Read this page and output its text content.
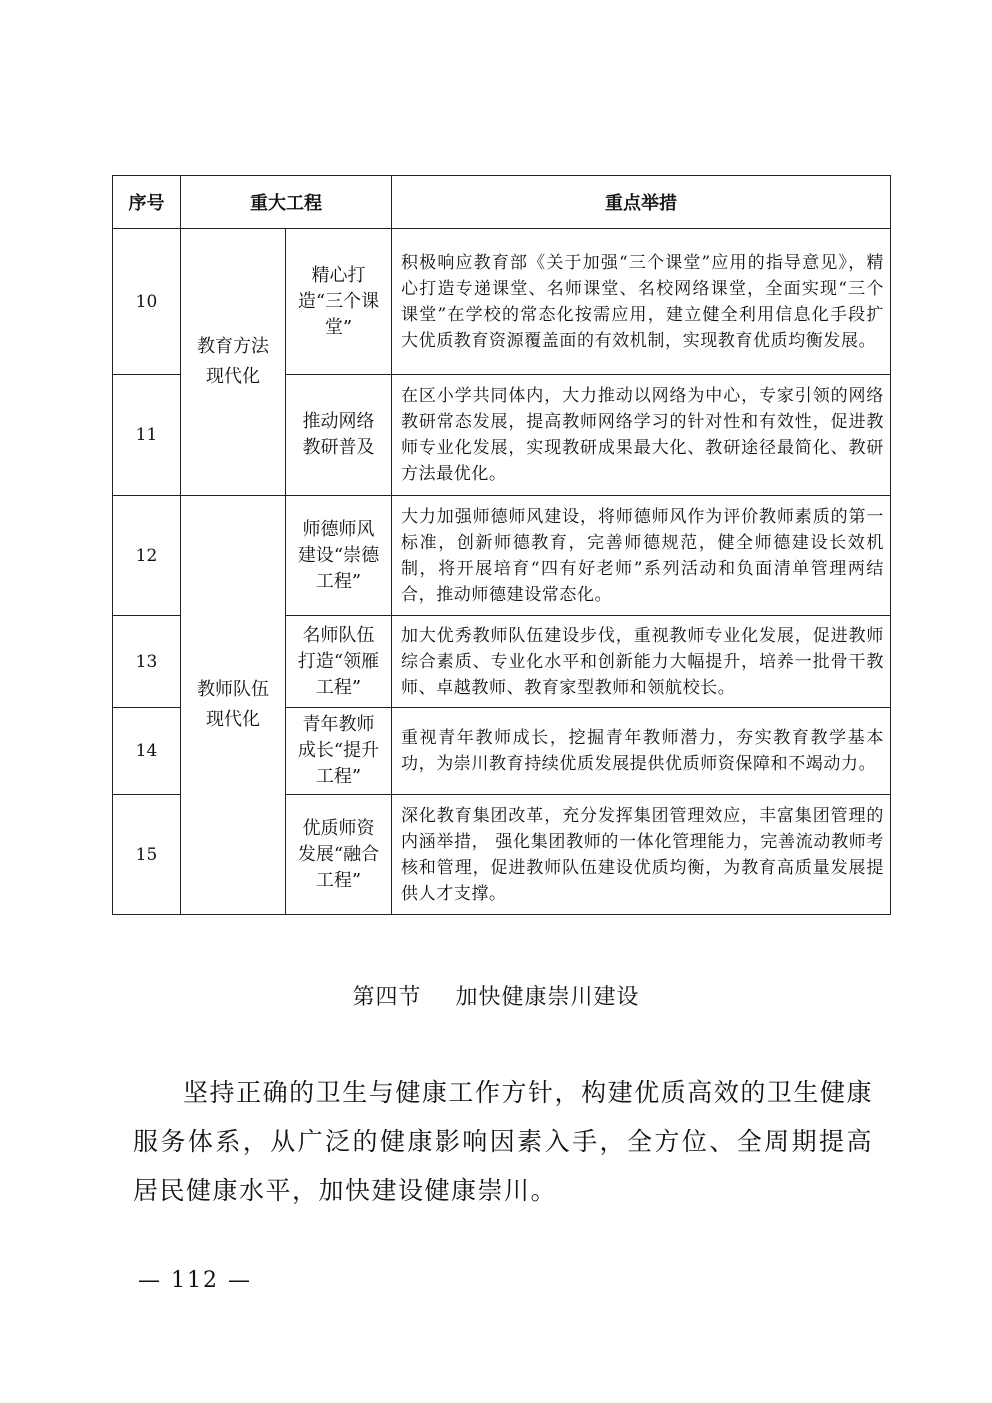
序号	重大工程		重点举措
10	教育方法现代化	精心打造“三个课堂”	积极响应教育部《关于加强“三个课堂”应用的指导意见》，精心打造专递课堂、名师课堂、名校网络课堂，全面实现“三个课堂”在学校的常态化按需应用，建立健全利用信息化手段扩大优质教育资源覆盖面的有效机制，实现教育优质均衡发展。
11		推动网络教研普及	在区小学共同体内，大力推动以网络为中心，专家引领的网络教研常态发展，提高教师网络学习的针对性和有效性，促进教师专业化发展，实现教研成果最大化、教研途径最简化、教研方法最优化。
12	教师队伍现代化	师德师风建设“崇德工程”	大力加强师德师风建设，将师德师风作为评价教师素质的第一标准，创新师德教育，完善师德规范，健全师德建设长效机制，将开展培育“四有好老师”系列活动和负面清单管理两结合，推动师德建设常态化。
13		名师队伍打造“领雁工程”	加大优秀教师队伍建设步伐，重视教师专业化发展，促进教师综合素质、专业化水平和创新能力大幅提升，培养一批骨干教师、卓越教师、教育家型教师和领航校长。
14		青年教师成长“提升工程”	重视青年教师成长，挖掘青年教师潜力，夯实教育教学基本功，为崇川教育持续优质发展提供优质师资保障和不竭动力。
15		优质师资发展“融合工程”	深化教育集团改革，充分发挥集团管理效应，丰富集团管理的内涵举措， 强化集团教师的一体化管理能力，完善流动教师考核和管理，促进教师队伍建设优质均衡，为教育高质量发展提供人才支撑。
第四节 加快健康崇川建设

坚持正确的卫生与健康工作方针，构建优质高效的卫生健康服务体系，从广泛的健康影响因素入手，全方位、全周期提高居民健康水平，加快建设健康崇川。

— 112 —
